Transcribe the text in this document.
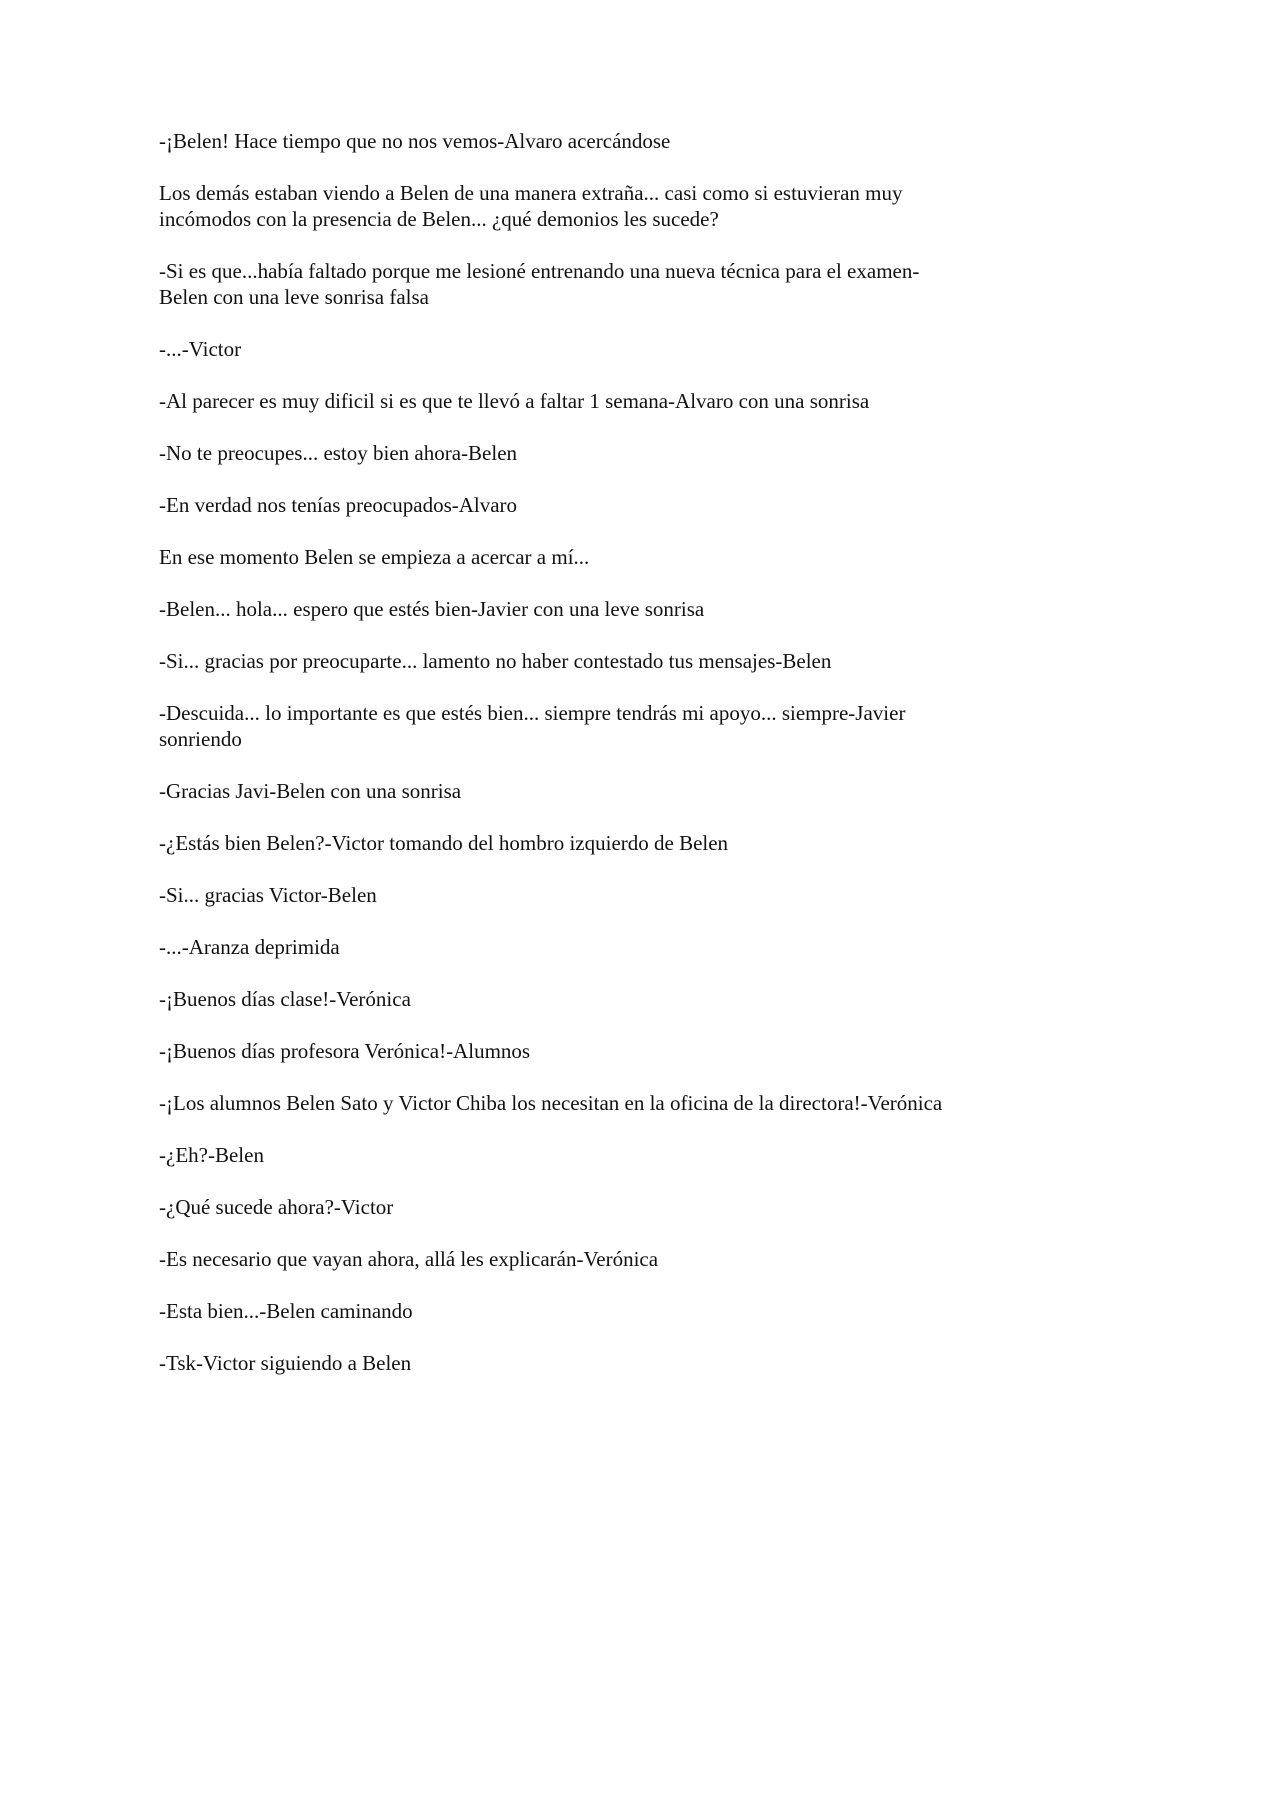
-¡Belen! Hace tiempo que no nos vemos-Alvaro acercándose

Los demás estaban viendo a Belen de una manera extraña... casi como si estuvieran muy incómodos con la presencia de Belen... ¿qué demonios les sucede?

-Si es que...había faltado porque me lesioné entrenando una nueva técnica para el examen-Belen con una leve sonrisa falsa

-...-Victor

-Al parecer es muy dificil si es que te llevó a faltar 1 semana-Alvaro con una sonrisa

-No te preocupes... estoy bien ahora-Belen

-En verdad nos tenías preocupados-Alvaro

En ese momento Belen se empieza a acercar a mí...

-Belen... hola... espero que estés bien-Javier con una leve sonrisa

-Si... gracias por preocuparte... lamento no haber contestado tus mensajes-Belen

-Descuida... lo importante es que estés bien... siempre tendrás mi apoyo... siempre-Javier sonriendo

-Gracias Javi-Belen con una sonrisa

-¿Estás bien Belen?-Victor tomando del hombro izquierdo de Belen

-Si... gracias Victor-Belen

-...-Aranza deprimida

-¡Buenos días clase!-Verónica

-¡Buenos días profesora Verónica!-Alumnos

-¡Los alumnos Belen Sato y Victor Chiba los necesitan en la oficina de la directora!-Verónica

-¿Eh?-Belen

-¿Qué sucede ahora?-Victor

-Es necesario que vayan ahora, allá les explicarán-Verónica

-Esta bien...-Belen caminando

-Tsk-Victor siguiendo a Belen
